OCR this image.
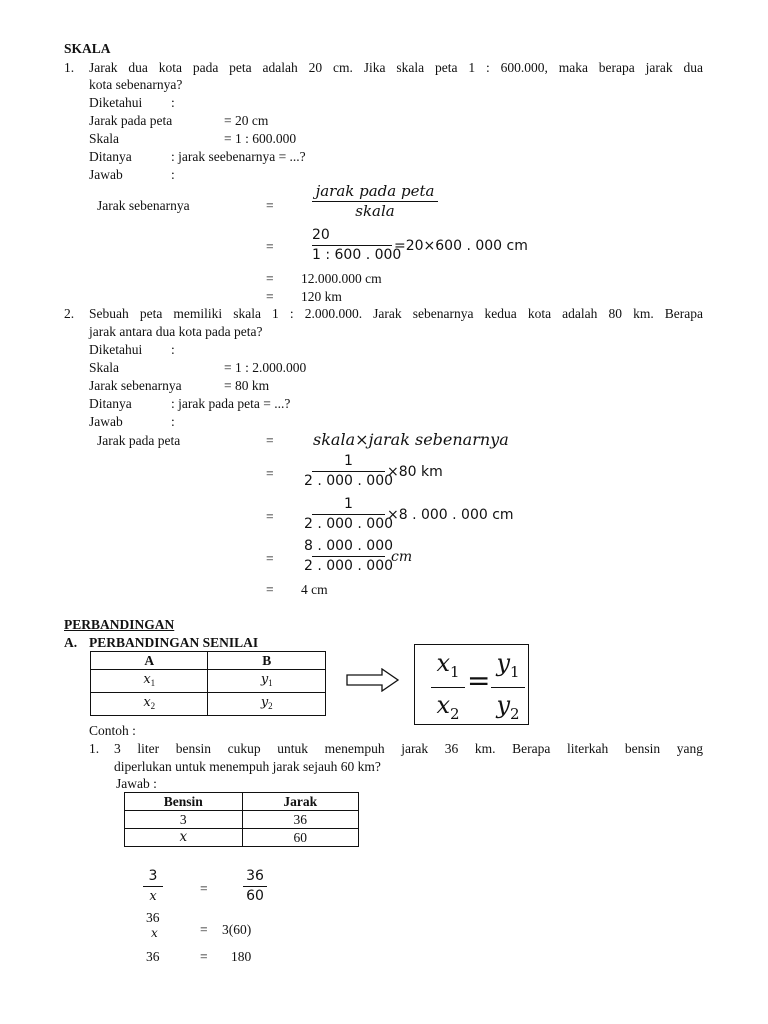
SKALA
1. Jarak dua kota pada peta adalah 20 cm. Jika skala peta 1 : 600.000, maka berapa jarak dua
kota sebenarnya?
Diketahui :
Jarak pada peta	= 20 cm
Skala	= 1 : 600.000
Ditanya	: jarak seebenarnya = ...?
Jawab	:
Jarak sebenarnya	=
jarak pada peta
skala
=
20
1 : 600 . 000
=20×600 . 000 cm
= 12.000.000 cm
= 120 km
2. Sebuah peta memiliki skala 1 : 2.000.000. Jarak sebenarnya kedua kota adalah 80 km. Berapa
jarak antara dua kota pada peta?
Diketahui :
Skala	= 1 : 2.000.000
Jarak sebenarnya	= 80 km
Ditanya	: jarak pada peta = ...?
Jawab	:
Jarak pada peta	= skala×jarak sebenarnya
=
1
2 . 000 . 000
×80 km
=
1
2 . 000 . 000
×8 . 000 . 000 cm
=
8 . 000 . 000
2 . 000 . 000
cm
= 4 cm
PERBANDINGAN
A. PERBANDINGAN SENILAI
A	B
$x_1$	$y_1$
$x_2$	$y_2$
$x_1$
$x_2$
=
$y_1$
$y_2$
Contoh :
1. 3 liter bensin cukup untuk menempuh jarak 36 km. Berapa literkah bensin yang
diperlukan untuk menempuh jarak sejauh 60 km?
Jawab :
Bensin	Jarak
3	36
x	60
3
x
=
36
60
36
x	= 3(60)
36	= 180
